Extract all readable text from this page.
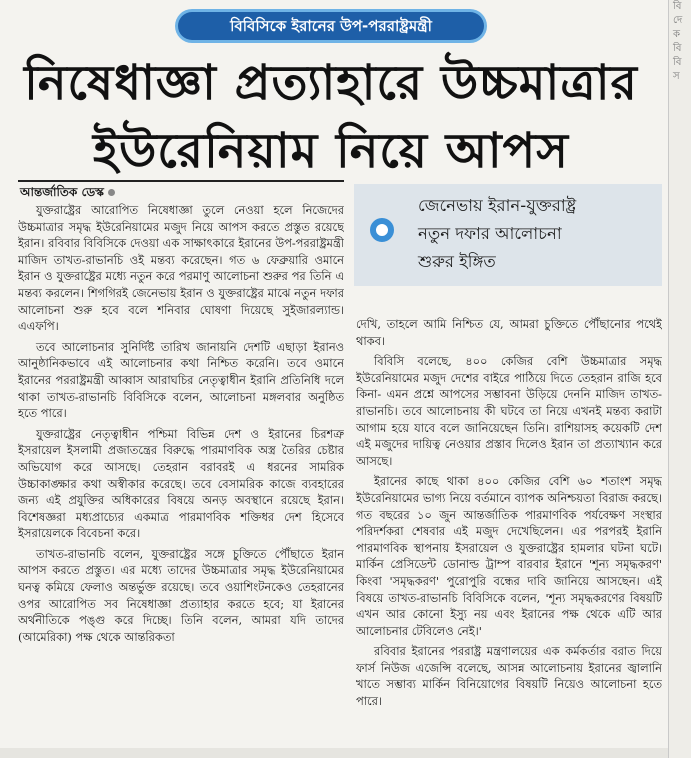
বিবিসিকে ইরানের উপ-পররাষ্ট্রমন্ত্রী
নিষেধাজ্ঞা প্রত্যাহারে উচ্চমাত্রার
ইউরেনিয়াম নিয়ে আপস
আন্তর্জাতিক ডেস্ক
জেনেভায় ইরান-যুক্তরাষ্ট্র
নতুন দফার আলোচনা
শুরুর ইঙ্গিত

যুক্তরাষ্ট্রের আরোপিত নিষেধাজ্ঞা তুলে নেওয়া হলে নিজেদের উচ্চমাত্রার সমৃদ্ধ ইউরেনিয়ামের মজুদ নিয়ে আপস করতে প্রস্তুত রয়েছে ইরান। রবিবার বিবিসিকে দেওয়া এক সাক্ষাৎকারে ইরানের উপ-পররাষ্ট্রমন্ত্রী মাজিদ তাখত-রাভানচি ওই মন্তব্য করেছেন। গত ৬ ফেব্রুয়ারি ওমানে ইরান ও যুক্তরাষ্ট্রের মধ্যে নতুন করে পরমাণু আলোচনা শুরুর পর তিনি এ মন্তব্য করলেন। শিগগিরই জেনেভায় ইরান ও যুক্তরাষ্ট্রের মাঝে নতুন দফার আলোচনা শুরু হবে বলে শনিবার ঘোষণা দিয়েছে সুইজারল্যান্ড। এএফপি।

তবে আলোচনার সুনির্দিষ্ট তারিখ জানায়নি দেশটি এছাড়া ইরানও আনুষ্ঠানিকভাবে এই আলোচনার কথা নিশ্চিত করেনি। তবে ওমানে ইরানের পররাষ্ট্রমন্ত্রী আব্বাস আরাঘচির নেতৃত্বাধীন ইরানি প্রতিনিধি দলে থাকা তাখত-রাভানচি বিবিসিকে বলেন, আলোচনা মঙ্গলবার অনুষ্ঠিত হতে পারে।

যুক্তরাষ্ট্রের নেতৃত্বাধীন পশ্চিমা বিভিন্ন দেশ ও ইরানের চিরশত্রু ইসরায়েল ইসলামী প্রজাতন্ত্রের বিরুদ্ধে পারমাণবিক অস্ত্র তৈরির চেষ্টার অভিযোগ করে আসছে। তেহরান বরাবরই এ ধরনের সামরিক উচ্চাকাঙ্ক্ষার কথা অস্বীকার করেছে। তবে বেসামরিক কাজে ব্যবহারের জন্য এই প্রযুক্তির অধিকারের বিষয়ে অনড় অবস্থানে রয়েছে ইরান। বিশেষজ্ঞরা মধ্যপ্রাচ্যের একমাত্র পারমাণবিক শক্তিধর দেশ হিসেবে ইসরায়েলকে বিবেচনা করে।

তাখত-রাভানচি বলেন, যুক্তরাষ্ট্রের সঙ্গে চুক্তিতে পৌঁছাতে ইরান আপস করতে প্রস্তুত। এর মধ্যে তাদের উচ্চমাত্রার সমৃদ্ধ ইউরেনিয়ামের ঘনত্ব কমিয়ে ফেলাও অন্তর্ভুক্ত রয়েছে। তবে ওয়াশিংটনকেও তেহরানের ওপর আরোপিত সব নিষেধাজ্ঞা প্রত্যাহার করতে হবে; যা ইরানের অর্থনীতিকে পঙ্গু করে দিচ্ছে। তিনি বলেন, আমরা যদি তাদের (আমেরিকা) পক্ষ থেকে আন্তরিকতা

দেখি, তাহলে আমি নিশ্চিত যে, আমরা চুক্তিতে পৌঁছানোর পথেই থাকব।

বিবিসি বলেছে, ৪০০ কেজির বেশি উচ্চমাত্রার সমৃদ্ধ ইউরেনিয়ামের মজুদ দেশের বাইরে পাঠিয়ে দিতে তেহরান রাজি হবে কিনা- এমন প্রশ্নে আপসের সম্ভাবনা উড়িয়ে দেননি মাজিদ তাখত-রাভানচি। তবে আলোচনায় কী ঘটবে তা নিয়ে এখনই মন্তব্য করাটা আগাম হয়ে যাবে বলে জানিয়েছেন তিনি। রাশিয়াসহ কয়েকটি দেশ এই মজুদের দায়িত্ব নেওয়ার প্রস্তাব দিলেও ইরান তা প্রত্যাখ্যান করে আসছে।

ইরানের কাছে থাকা ৪০০ কেজির বেশি ৬০ শতাংশ সমৃদ্ধ ইউরেনিয়ামের ভাগ্য নিয়ে বর্তমানে ব্যাপক অনিশ্চয়তা বিরাজ করছে। গত বছরের ১০ জুন আন্তর্জাতিক পারমাণবিক পর্যবেক্ষণ সংস্থার পরিদর্শকরা শেষবার এই মজুদ দেখেছিলেন। এর পরপরই ইরানি পারমাণবিক স্থাপনায় ইসরায়েল ও যুক্তরাষ্ট্রের হামলার ঘটনা ঘটে। মার্কিন প্রেসিডেন্ট ডোনাল্ড ট্রাম্প বারবার ইরানে 'শূন্য সমৃদ্ধকরণ' কিংবা 'সমৃদ্ধকরণ' পুরোপুরি বন্ধের দাবি জানিয়ে আসছেন। এই বিষয়ে তাখত-রাভানচি বিবিসিকে বলেন, 'শূন্য সমৃদ্ধকরণের বিষয়টি এখন আর কোনো ইস্যু নয় এবং ইরানের পক্ষ থেকে এটি আর আলোচনার টেবিলেও নেই।'

রবিবার ইরানের পররাষ্ট্র মন্ত্রণালয়ের এক কর্মকর্তার বরাত দিয়ে ফার্স নিউজ এজেন্সি বলেছে, আসন্ন আলোচনায় ইরানের জ্বালানি খাতে সম্ভাব্য মার্কিন বিনিয়োগের বিষয়টি নিয়েও আলোচনা হতে পারে।

বি
দে
ক
বি
বি
স
